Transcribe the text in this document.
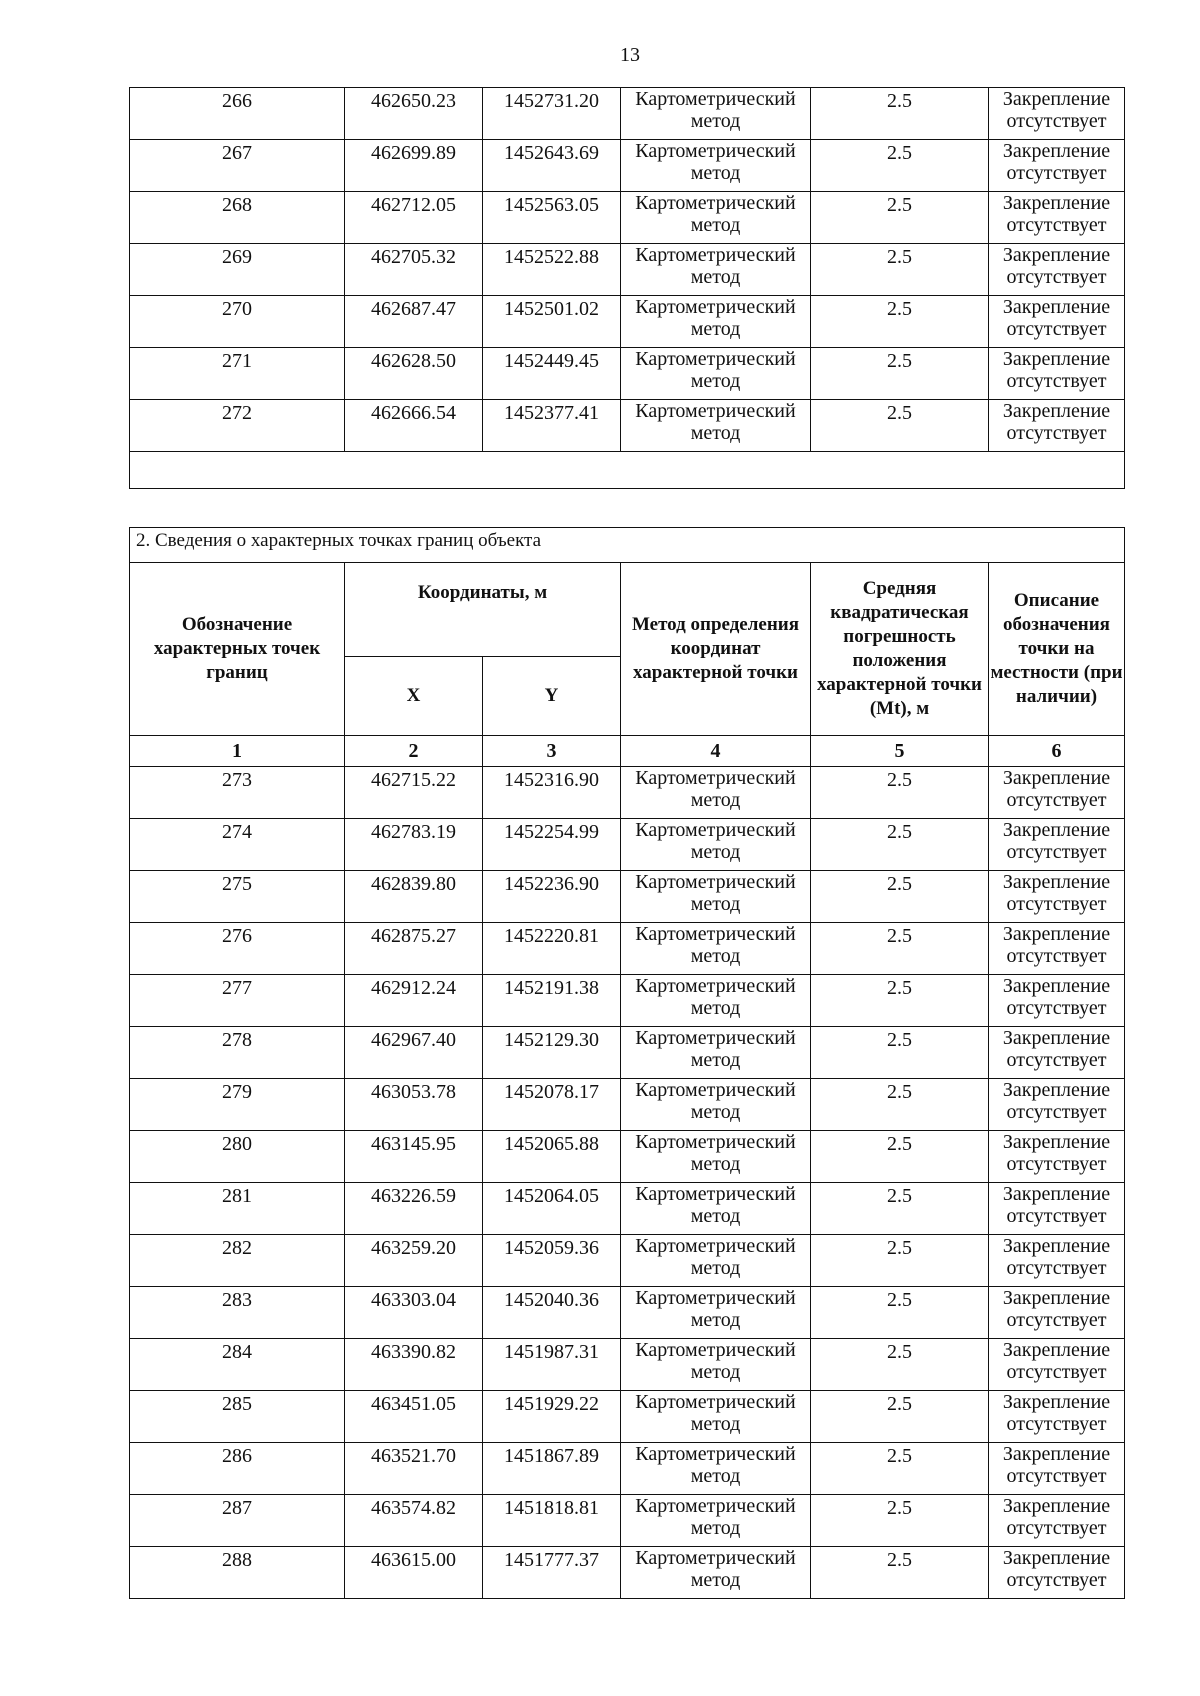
13
266	462650.23	1452731.20	Картометрический метод	2.5	Закрепление отсутствует
267	462699.89	1452643.69	Картометрический метод	2.5	Закрепление отсутствует
268	462712.05	1452563.05	Картометрический метод	2.5	Закрепление отсутствует
269	462705.32	1452522.88	Картометрический метод	2.5	Закрепление отсутствует
270	462687.47	1452501.02	Картометрический метод	2.5	Закрепление отсутствует
271	462628.50	1452449.45	Картометрический метод	2.5	Закрепление отсутствует
272	462666.54	1452377.41	Картометрический метод	2.5	Закрепление отсутствует

2. Сведения о характерных точках границ объекта					
Обозначение характерных точек границ	Координаты, м		Метод определения координат характерной точки	Средняя квадратическая погрешность положения характерной точки (Mt), м	Описание обозначения точки на местности (при наличии)
	X	Y			
1	2	3	4	5	6
273	462715.22	1452316.90	Картометрический метод	2.5	Закрепление отсутствует
274	462783.19	1452254.99	Картометрический метод	2.5	Закрепление отсутствует
275	462839.80	1452236.90	Картометрический метод	2.5	Закрепление отсутствует
276	462875.27	1452220.81	Картометрический метод	2.5	Закрепление отсутствует
277	462912.24	1452191.38	Картометрический метод	2.5	Закрепление отсутствует
278	462967.40	1452129.30	Картометрический метод	2.5	Закрепление отсутствует
279	463053.78	1452078.17	Картометрический метод	2.5	Закрепление отсутствует
280	463145.95	1452065.88	Картометрический метод	2.5	Закрепление отсутствует
281	463226.59	1452064.05	Картометрический метод	2.5	Закрепление отсутствует
282	463259.20	1452059.36	Картометрический метод	2.5	Закрепление отсутствует
283	463303.04	1452040.36	Картометрический метод	2.5	Закрепление отсутствует
284	463390.82	1451987.31	Картометрический метод	2.5	Закрепление отсутствует
285	463451.05	1451929.22	Картометрический метод	2.5	Закрепление отсутствует
286	463521.70	1451867.89	Картометрический метод	2.5	Закрепление отсутствует
287	463574.82	1451818.81	Картометрический метод	2.5	Закрепление отсутствует
288	463615.00	1451777.37	Картометрический метод	2.5	Закрепление отсутствует
